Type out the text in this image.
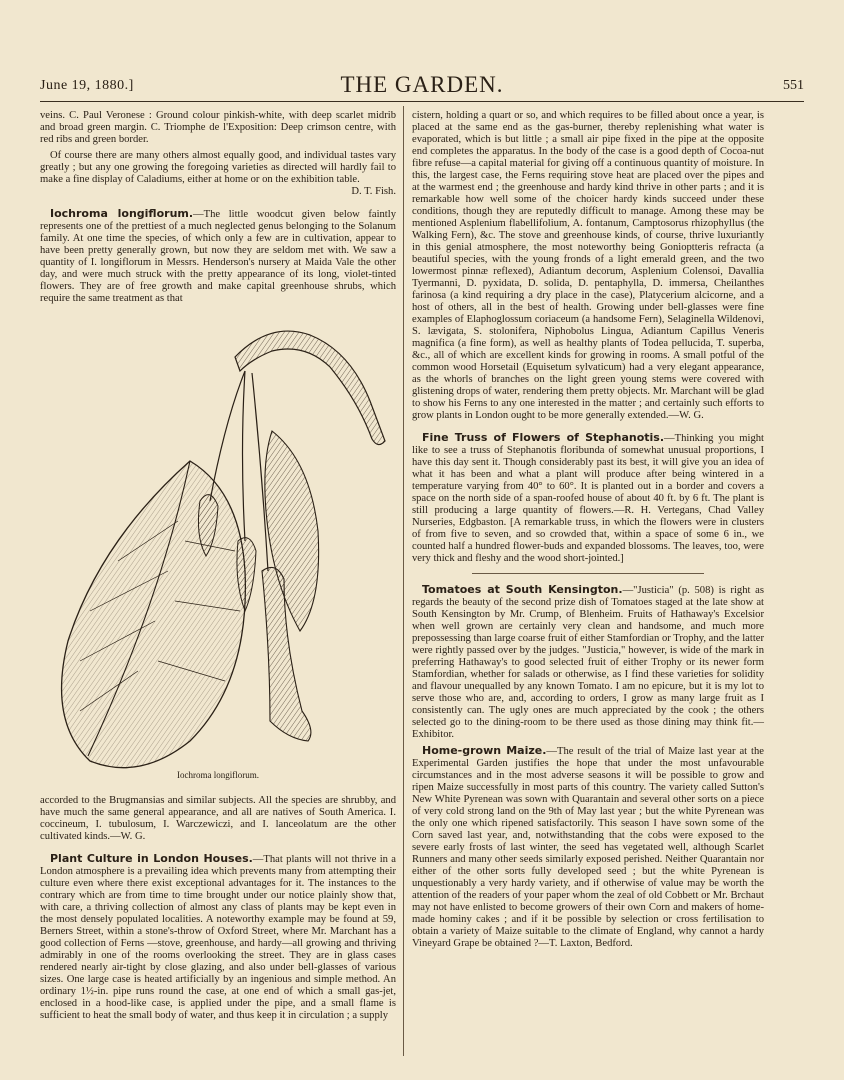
June 19, 1880.]	THE GARDEN.	551

veins. C. Paul Veronese : Ground colour pinkish-white, with deep scarlet midrib and broad green margin. C. Triomphe de l'Exposition: Deep crimson centre, with red ribs and green border.

Of course there are many others almost equally good, and individual tastes vary greatly ; but any one growing the foregoing varieties as directed will hardly fail to make a fine display of Caladiums, either at home or on the exhibition table.
D. T. Fish.

Iochroma longiflorum.—The little woodcut given below faintly represents one of the prettiest of a much neglected genus belonging to the Solanum family. At one time the species, of which only a few are in cultivation, appear to have been pretty generally grown, but now they are seldom met with. We saw a quantity of I. longiflorum in Messrs. Henderson's nursery at Maida Vale the other day, and were much struck with the pretty appearance of its long, violet-tinted flowers. They are of free growth and make capital greenhouse shrubs, which require the same treatment as that

Iochroma longiflorum.

accorded to the Brugmansias and similar subjects. All the species are shrubby, and have much the same general appearance, and all are natives of South America. I. coccineum, I. tubulosum, I. Warczewiczi, and I. lanceolatum are the other cultivated kinds.—W. G.

Plant Culture in London Houses.—That plants will not thrive in a London atmosphere is a prevailing idea which prevents many from attempting their culture even where there exist exceptional advantages for it. The instances to the contrary which are from time to time brought under our notice plainly show that, with care, a thriving collection of almost any class of plants may be kept even in the most densely populated localities. A noteworthy example may be found at 59, Berners Street, within a stone's-throw of Oxford Street, where Mr. Marchant has a good collection of Ferns —stove, greenhouse, and hardy—all growing and thriving admirably in one of the rooms overlooking the street. They are in glass cases rendered nearly air-tight by close glazing, and also under bell-glasses of various sizes. One large case is heated artificially by an ingenious and simple method. An ordinary 1½-in. pipe runs round the case, at one end of which a small gas-jet, enclosed in a hood-like case, is applied under the pipe, and a small flame is sufficient to heat the small body of water, and thus keep it in circulation ; a supply

cistern, holding a quart or so, and which requires to be filled about once a year, is placed at the same end as the gas-burner, thereby replenishing what water is evaporated, which is but little ; a small air pipe fixed in the pipe at the opposite end completes the apparatus. In the body of the case is a good depth of Cocoa-nut fibre refuse—a capital material for giving off a continuous quantity of moisture. In this, the largest case, the Ferns requiring stove heat are placed over the pipes and at the warmest end ; the greenhouse and hardy kind thrive in other parts ; and it is remarkable how well some of the choicer hardy kinds succeed under these conditions, though they are reputedly difficult to manage. Among these may be mentioned Asplenium flabellifolium, A. fontanum, Camptosorus rhizophyllus (the Walking Fern), &c. The stove and greenhouse kinds, of course, thrive luxuriantly in this genial atmosphere, the most noteworthy being Gonioptteris refracta (a beautiful species, with the young fronds of a light emerald green, and the two lowermost pinnæ reflexed), Adiantum decorum, Asplenium Colensoi, Davallia Tyermanni, D. pyxidata, D. solida, D. pentaphylla, D. immersa, Cheilanthes farinosa (a kind requiring a dry place in the case), Platycerium alcicorne, and a host of others, all in the best of health. Growing under bell-glasses were fine examples of Elaphoglossum coriaceum (a handsome Fern), Selaginella Wildenovi, S. lævigata, S. stolonifera, Niphobolus Lingua, Adiantum Capillus Veneris magnifica (a fine form), as well as healthy plants of Todea pellucida, T. superba, &c., all of which are excellent kinds for growing in rooms. A small potful of the common wood Horsetail (Equisetum sylvaticum) had a very elegant appearance, as the whorls of branches on the light green young stems were covered with glistening drops of water, rendering them pretty objects. Mr. Marchant will be glad to show his Ferns to any one interested in the matter ; and certainly such efforts to grow plants in London ought to be more generally extended.—W. G.

Fine Truss of Flowers of Stephanotis.—Thinking you might like to see a truss of Stephanotis floribunda of somewhat unusual proportions, I have this day sent it. Though considerably past its best, it will give you an idea of what it has been and what a plant will produce after being wintered in a temperature varying from 40° to 60°. It is planted out in a border and covers a space on the north side of a span-roofed house of about 40 ft. by 6 ft. The plant is still producing a large quantity of flowers.—R. H. Vertegans, Chad Valley Nurseries, Edgbaston. [A remarkable truss, in which the flowers were in clusters of from five to seven, and so crowded that, within a space of some 6 in., we counted half a hundred flower-buds and expanded blossoms. The leaves, too, were very thick and fleshy and the wood short-jointed.]

Tomatoes at South Kensington.—"Justicia" (p. 508) is right as regards the beauty of the second prize dish of Tomatoes staged at the late show at South Kensington by Mr. Crump, of Blenheim. Fruits of Hathaway's Excelsior when well grown are certainly very clean and handsome, and much more prepossessing than large coarse fruit of either Stamfordian or Trophy, and the latter were rightly passed over by the judges. "Justicia," however, is wide of the mark in preferring Hathaway's to good selected fruit of either Trophy or its newer form Stamfordian, whether for salads or otherwise, as I find these varieties for solidity and flavour unequalled by any known Tomato. I am no epicure, but it is my lot to serve those who are, and, according to orders, I grow as many large fruit as I consistently can. The ugly ones are much appreciated by the cook ; the others selected go to the dining-room to be there used as those dining may think fit.—Exhibitor.

Home-grown Maize.—The result of the trial of Maize last year at the Experimental Garden justifies the hope that under the most unfavourable circumstances and in the most adverse seasons it will be possible to grow and ripen Maize successfully in most parts of this country. The variety called Sutton's New White Pyrenean was sown with Quarantain and several other sorts on a piece of very cold strong land on the 9th of May last year ; but the white Pyrenean was the only one which ripened satisfactorily. This season I have sown some of the Corn saved last year, and, notwithstanding that the cobs were exposed to the severe early frosts of last winter, the seed has vegetated well, although Scarlet Runners and many other seeds similarly exposed perished. Neither Quarantain nor either of the other sorts fully developed seed ; but the white Pyrenean is unquestionably a very hardy variety, and if otherwise of value may be worth the attention of the readers of your paper whom the zeal of old Cobbett or Mr. Brchaut may not have enlisted to become growers of their own Corn and makers of home-made hominy cakes ; and if it be possible by selection or cross fertilisation to obtain a variety of Maize suitable to the climate of England, why cannot a hardy Vineyard Grape be obtained ?—T. Laxton, Bedford.
